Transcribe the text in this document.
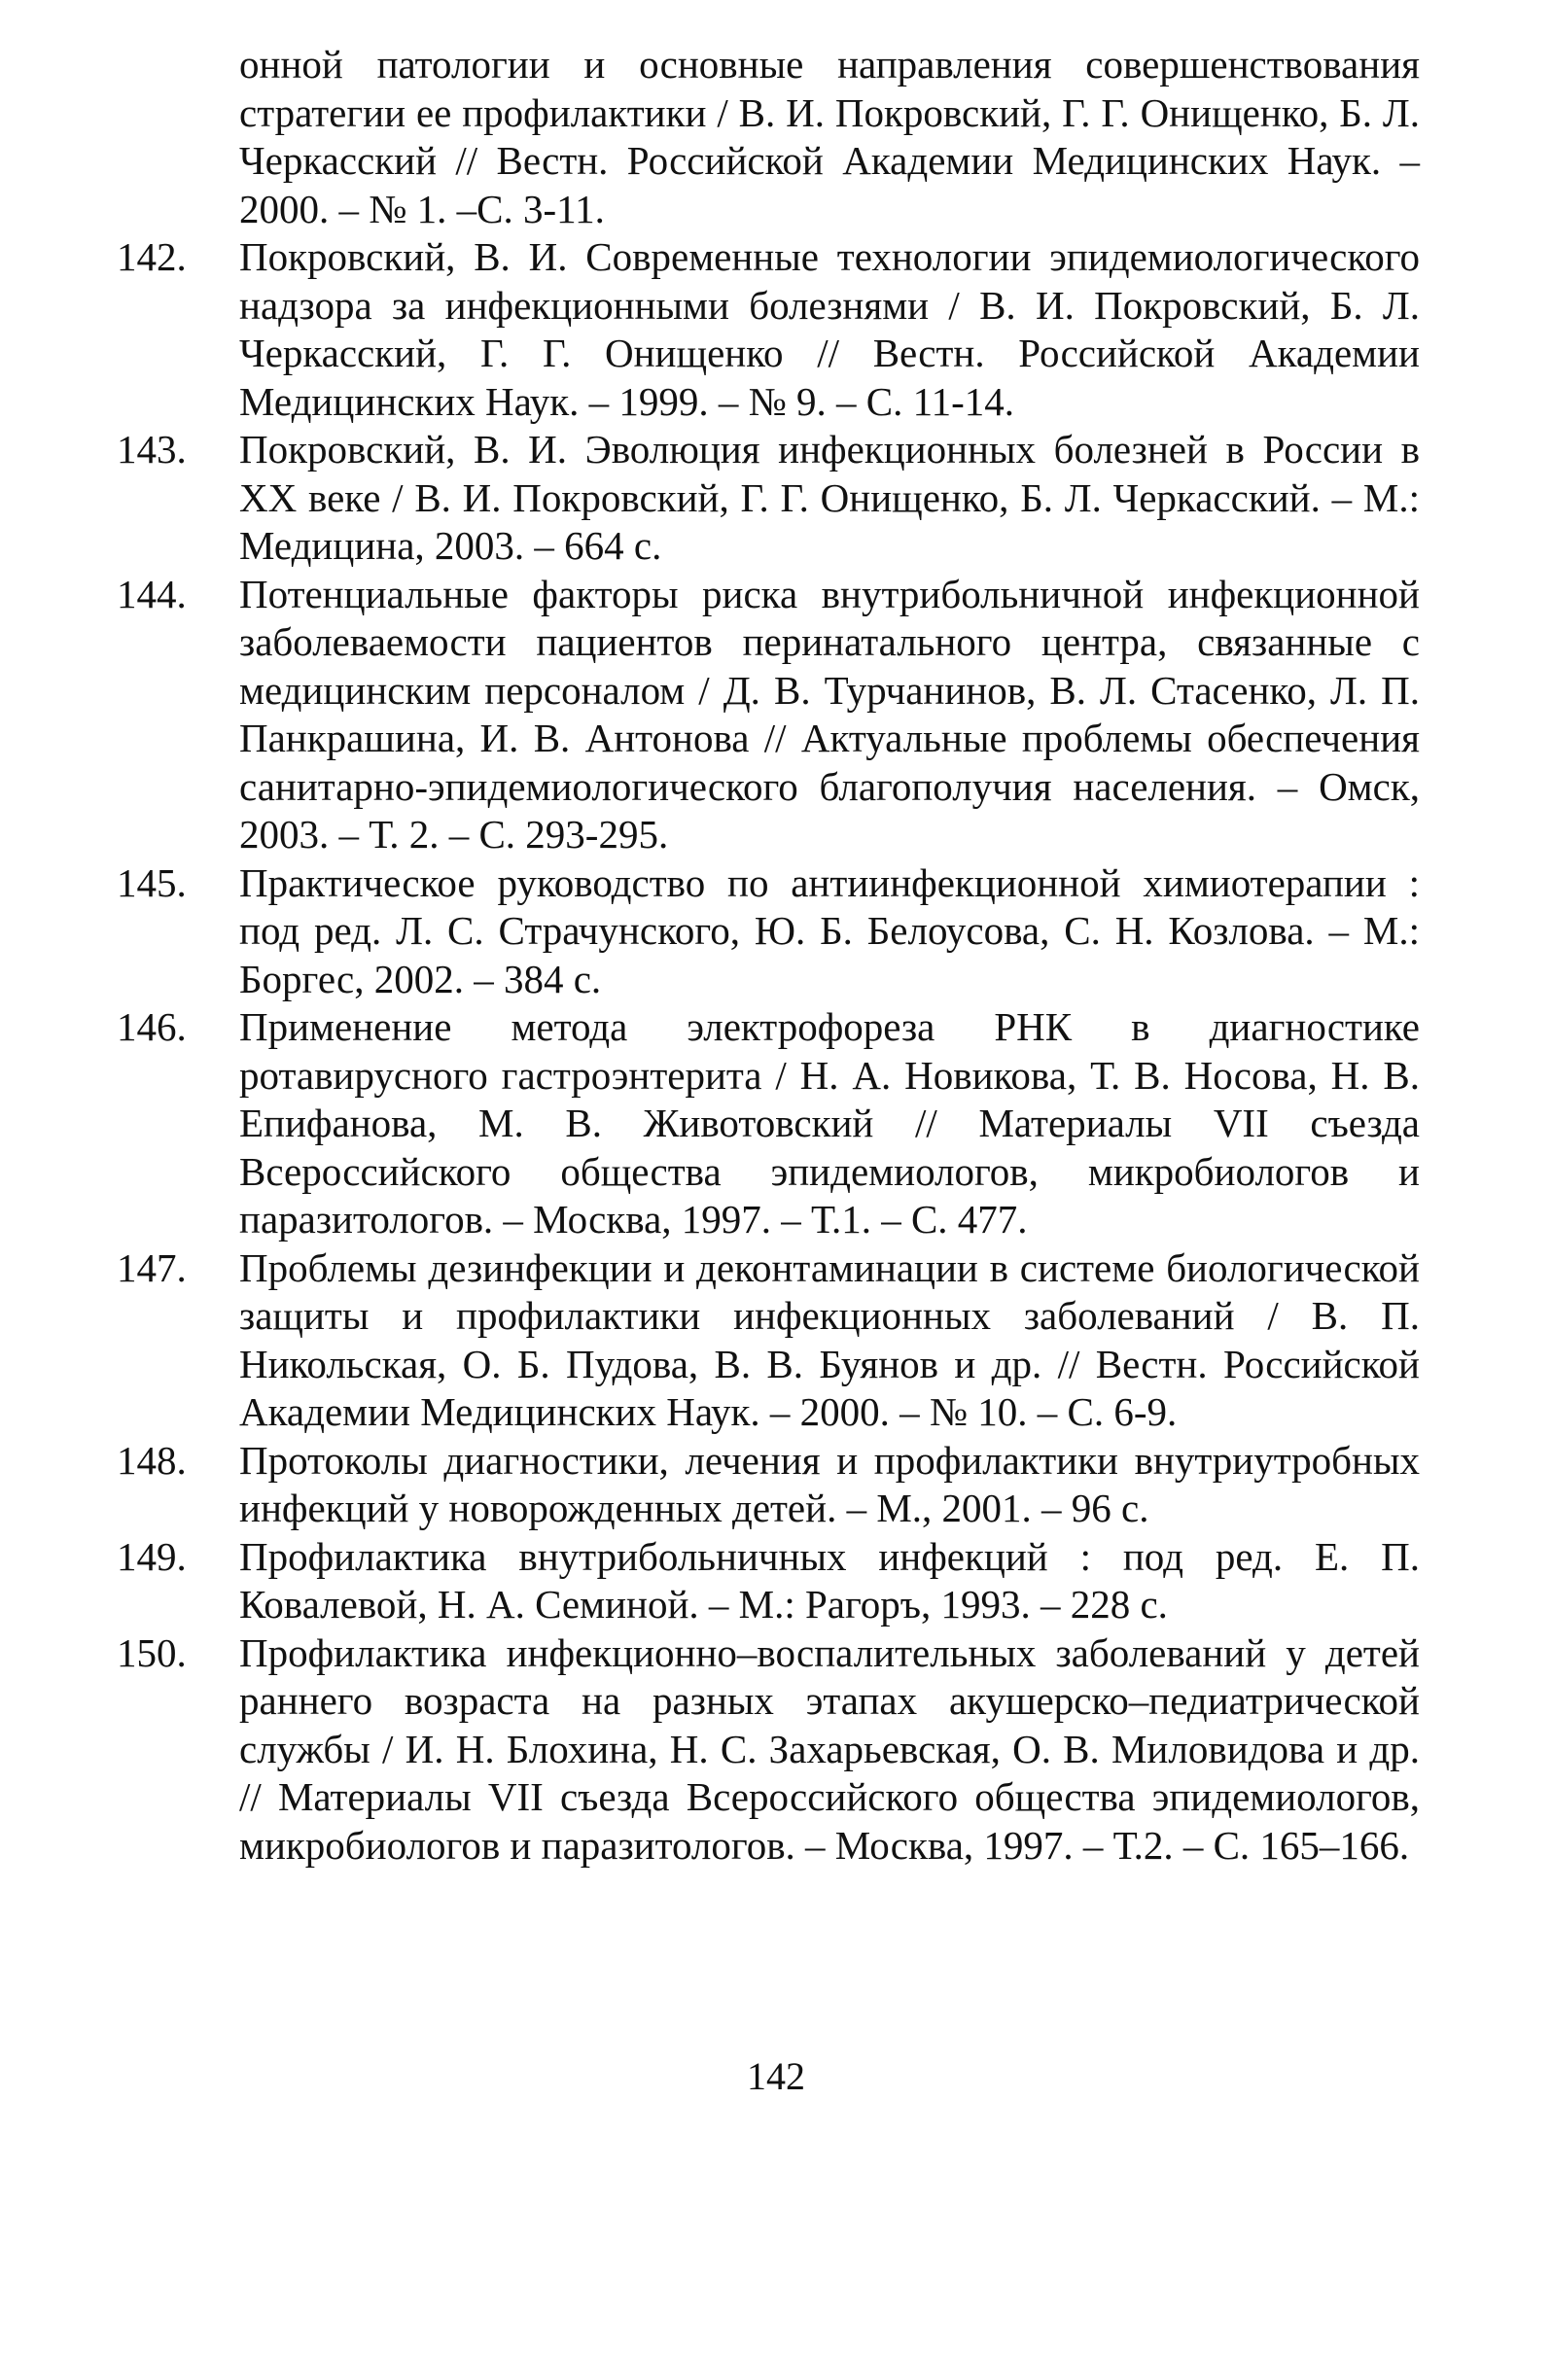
онной патологии и основные направления совершенствования стратегии ее профилактики / В. И. Покровский, Г. Г. Онищенко, Б. Л. Черкасский // Вестн. Российской Академии Медицинских Наук. – 2000. – № 1. –С. 3-11.
142.	Покровский, В. И. Современные технологии эпидемиологического надзора за инфекционными болезнями / В. И. Покровский, Б. Л. Черкасский, Г. Г. Онищенко // Вестн. Российской Академии Медицинских Наук. – 1999. – № 9. – С. 11-14.
143.	Покровский, В. И. Эволюция инфекционных болезней в России в ХХ веке / В. И. Покровский, Г. Г. Онищенко, Б. Л. Черкасский. – М.: Медицина, 2003. – 664 с.
144.	Потенциальные факторы риска внутрибольничной инфекционной заболеваемости пациентов перинатального центра, связанные с медицинским персоналом / Д. В. Турчанинов, В. Л. Стасенко, Л. П. Панкрашина, И. В. Антонова // Актуальные проблемы обеспечения санитарно-эпидемиологического благополучия населения. – Омск, 2003. – Т. 2. – С. 293-295.
145.	Практическое руководство по антиинфекционной химиотерапии : под ред. Л. С. Страчунского, Ю. Б. Белоусова, С. Н. Козлова. – М.: Боргес, 2002. – 384 с.
146.	Применение метода электрофореза РНК в диагностике ротавирусного гастроэнтерита / Н. А. Новикова, Т. В. Носова, Н. В. Епифанова, М. В. Животовский // Материалы VII съезда Всероссийского общества эпидемиологов, микробиологов и паразитологов. – Москва, 1997. – Т.1. – С. 477.
147.	Проблемы дезинфекции и деконтаминации в системе биологической защиты и профилактики инфекционных заболеваний / В. П. Никольская, О. Б. Пудова, В. В. Буянов и др. // Вестн. Российской Академии Медицинских Наук. – 2000. – № 10. – С. 6-9.
148.	Протоколы диагностики, лечения и профилактики внутриутробных инфекций у новорожденных детей. – М., 2001. – 96 с.
149.	Профилактика внутрибольничных инфекций : под ред. Е. П. Ковалевой, Н. А. Семиной. – М.: Рагоръ, 1993. – 228 с.
150.	Профилактика инфекционно–воспалительных заболеваний у детей раннего возраста на разных этапах акушерско–педиатрической службы / И. Н. Блохина, Н. С. Захарьевская, О. В. Миловидова и др. // Материалы VII съезда Всероссийского общества эпидемиологов, микробиологов и паразитологов. – Москва, 1997. – Т.2. – С. 165–166.
142
